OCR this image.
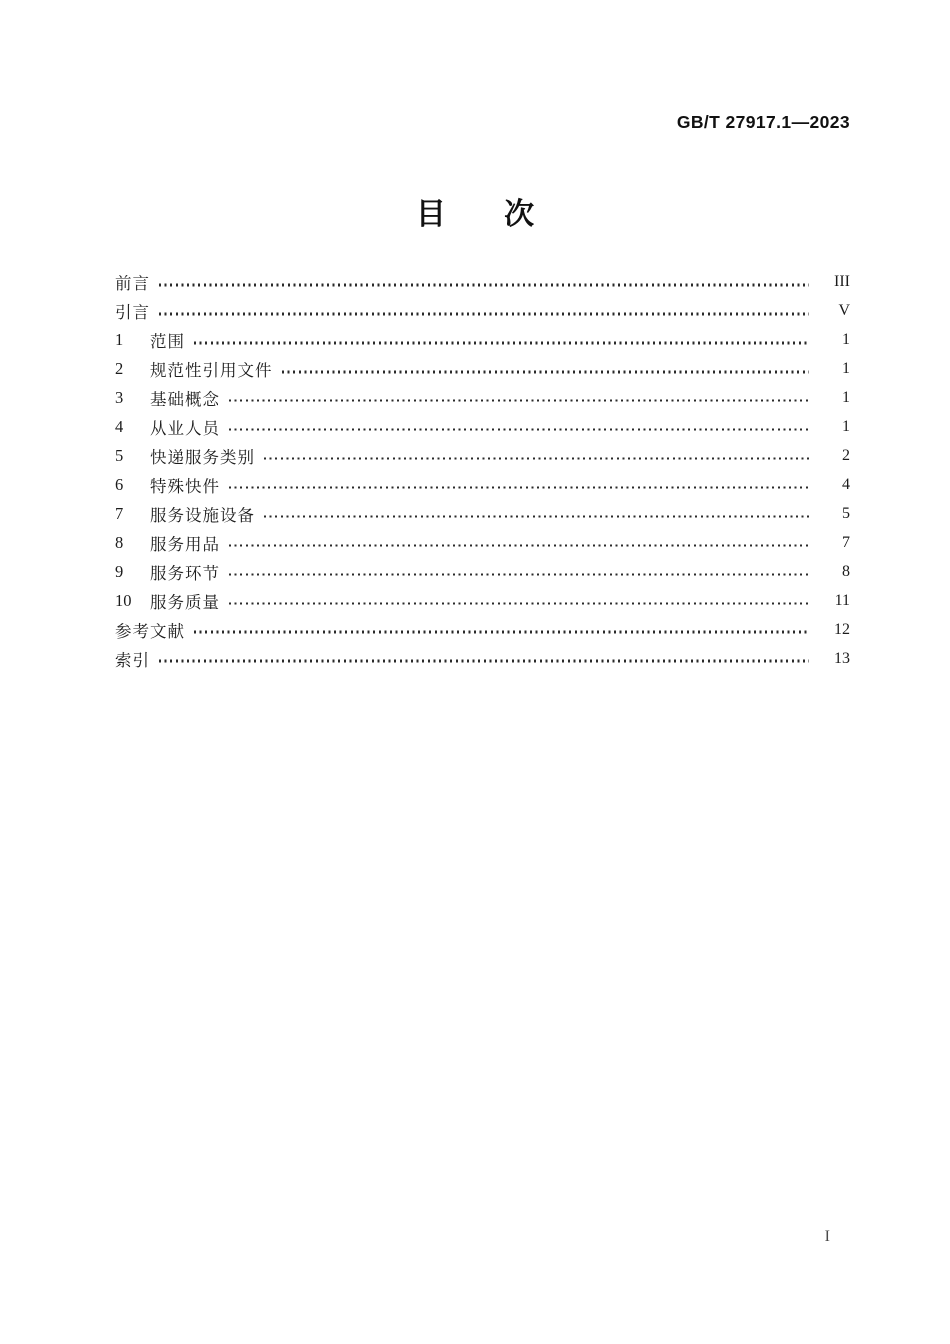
GB/T 27917.1—2023
目       次
前言	III
引言	V
1	范围	1
2	规范性引用文件	1
3	基础概念	1
4	从业人员	1
5	快递服务类别	2
6	特殊快件	4
7	服务设施设备	5
8	服务用品	7
9	服务环节	8
10	服务质量	11
参考文献	12
索引	13
I
